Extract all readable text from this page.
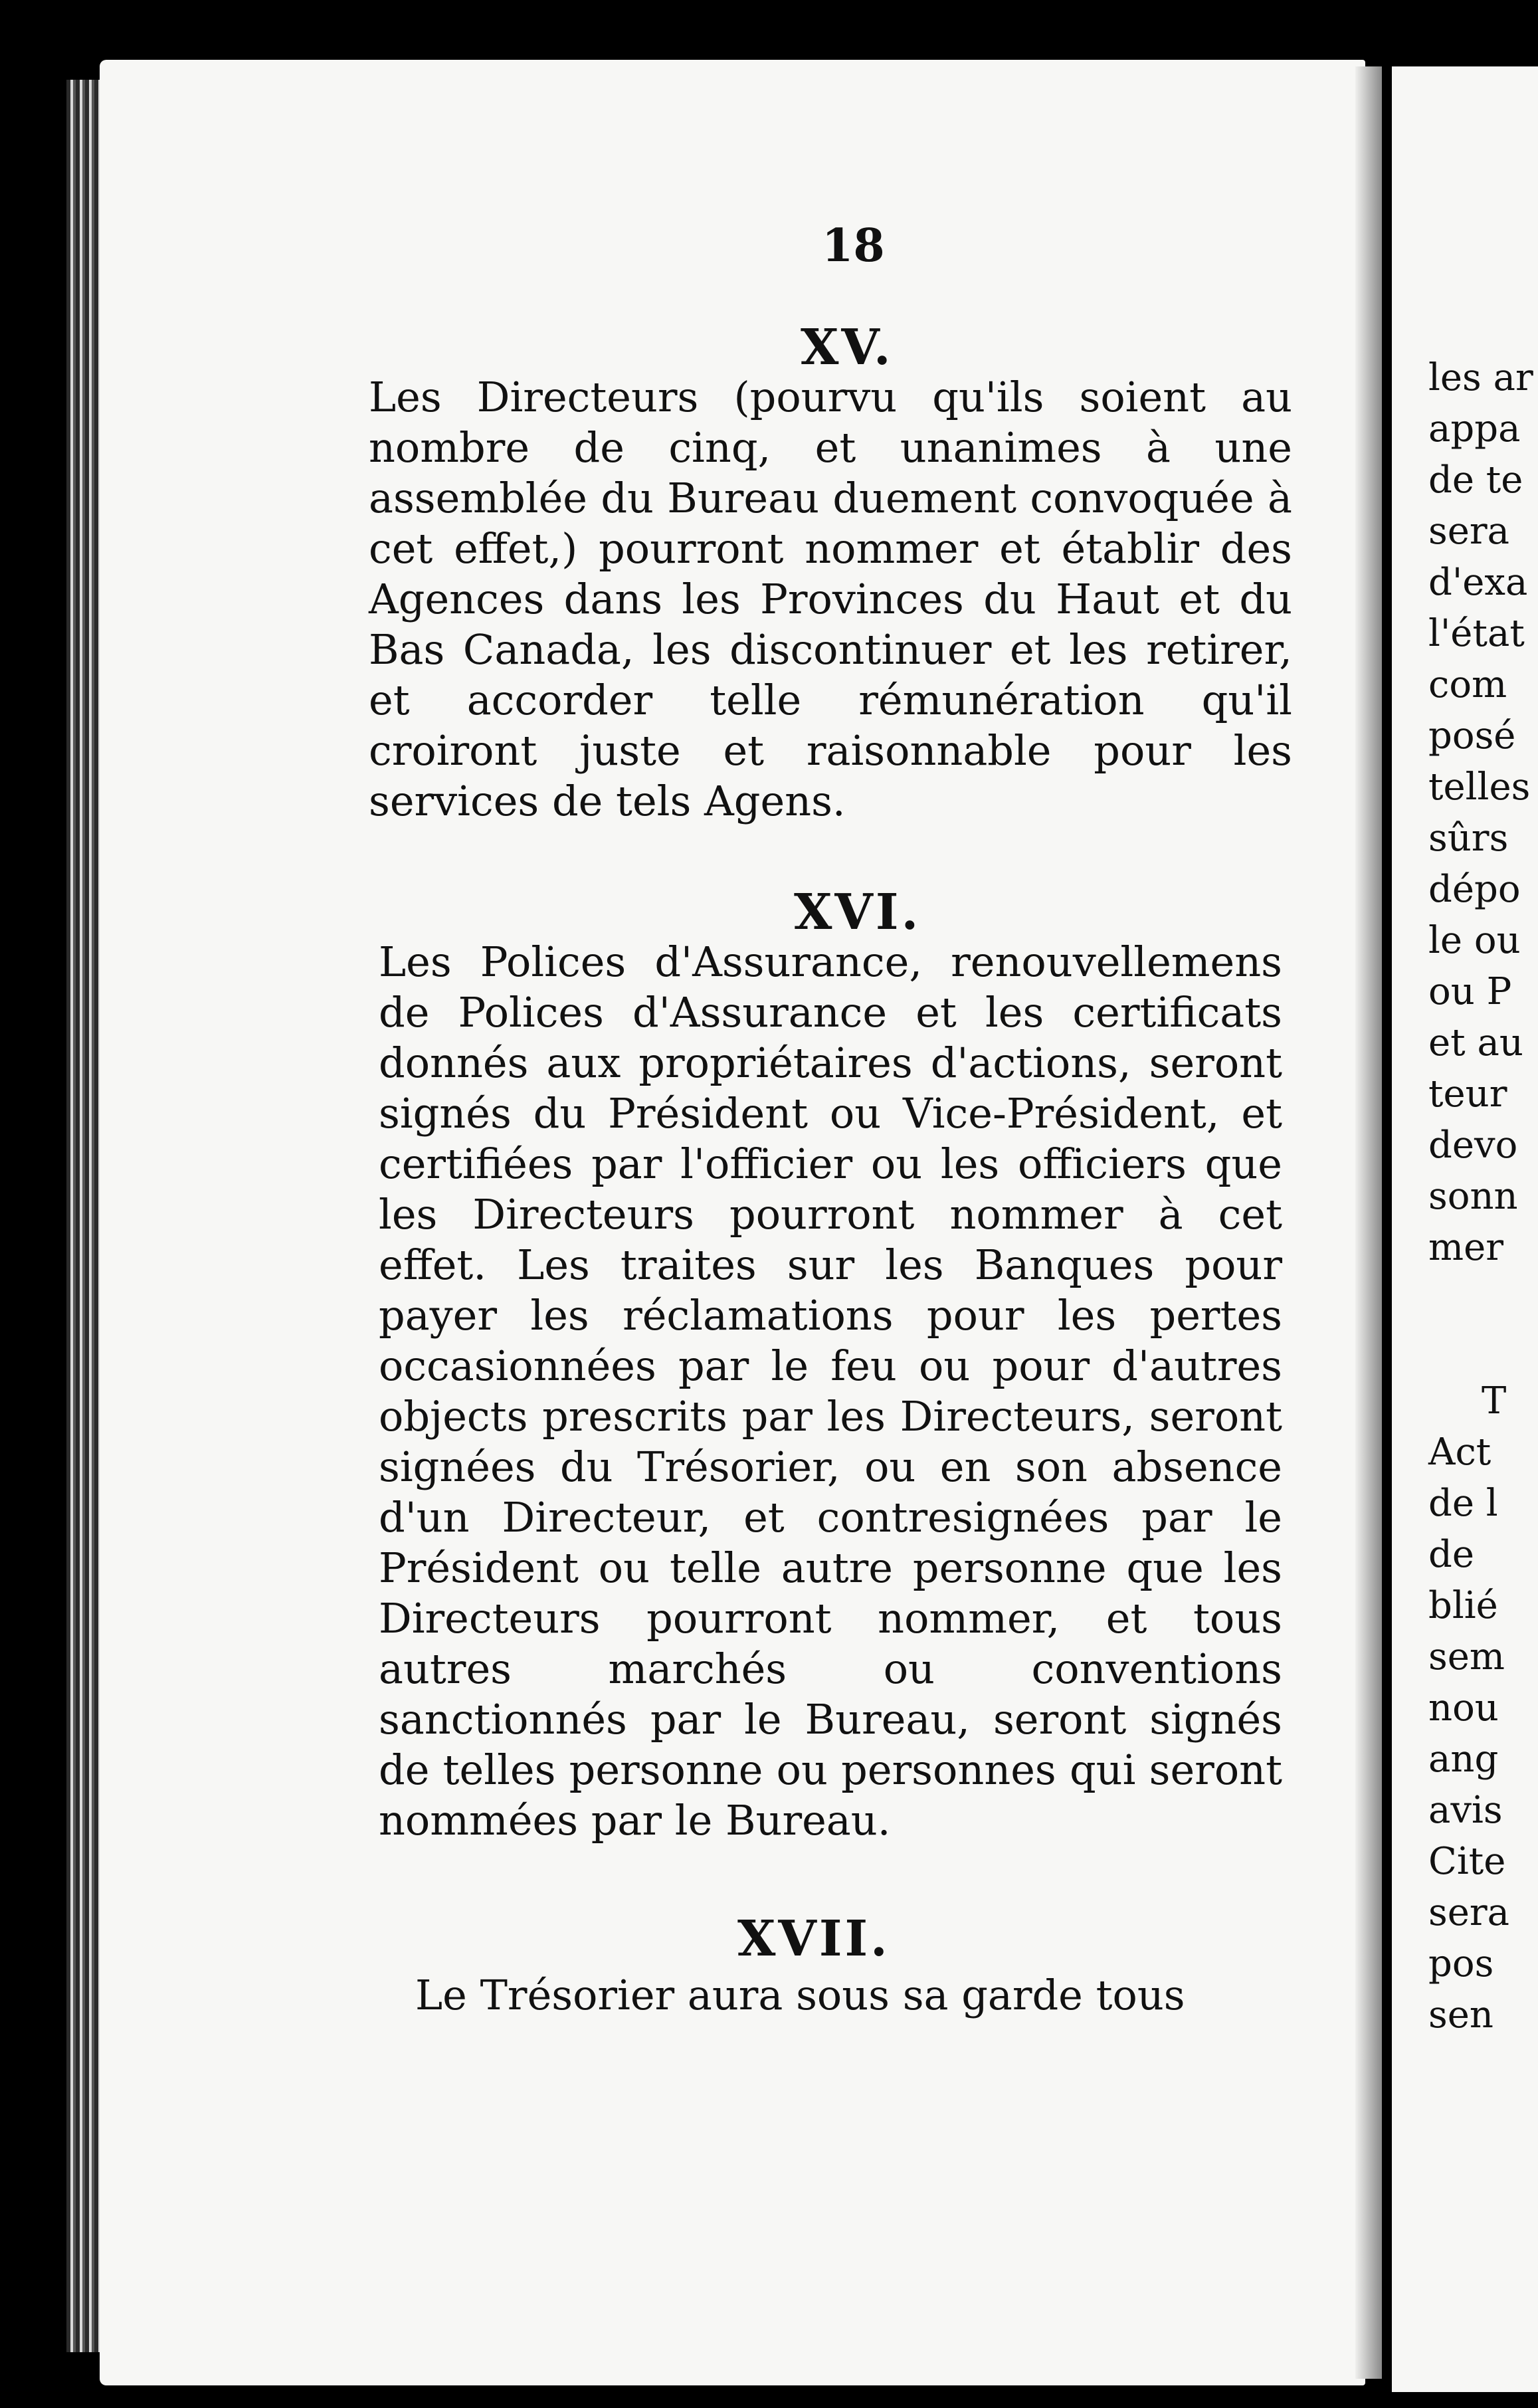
18
XV.
Les Directeurs (pourvu qu'ils soient au nombre de cinq, et unanimes à une assemblée du Bureau duement convoquée à cet effet,) pourront nommer et établir des Agences dans les Provinces du Haut et du Bas Canada, les discontinuer et les retirer, et accorder telle rémunération qu'il croiront juste et raisonnable pour les services de tels Agens.
XVI.
Les Polices d'Assurance, renouvellemens de Polices d'Assurance et les certificats donnés aux propriétaires d'actions, seront signés du Président ou Vice-Président, et certifiées par l'officier ou les officiers que les Directeurs pourront nommer à cet effet. Les traites sur les Banques pour payer les réclamations pour les pertes occasionnées par le feu ou pour d'autres objects prescrits par les Directeurs, seront signées du Trésorier, ou en son absence d'un Directeur, et contresignées par le Président ou telle autre personne que les Directeurs pourront nommer, et tous autres marchés ou conventions sanctionnés par le Bureau, seront signés de telles personne ou personnes qui seront nommées par le Bureau.
XVII.
Le Trésorier aura sous sa garde tous
les ar
appa
de te
sera
d'exa
l'état
com
posé
telles
sûrs
dépo
le ou
ou P
et au
teur
devo
sonn
mer
T
Act
de l
de
blié
sem
nou
ang
avis
Cite
sera
pos
sen
